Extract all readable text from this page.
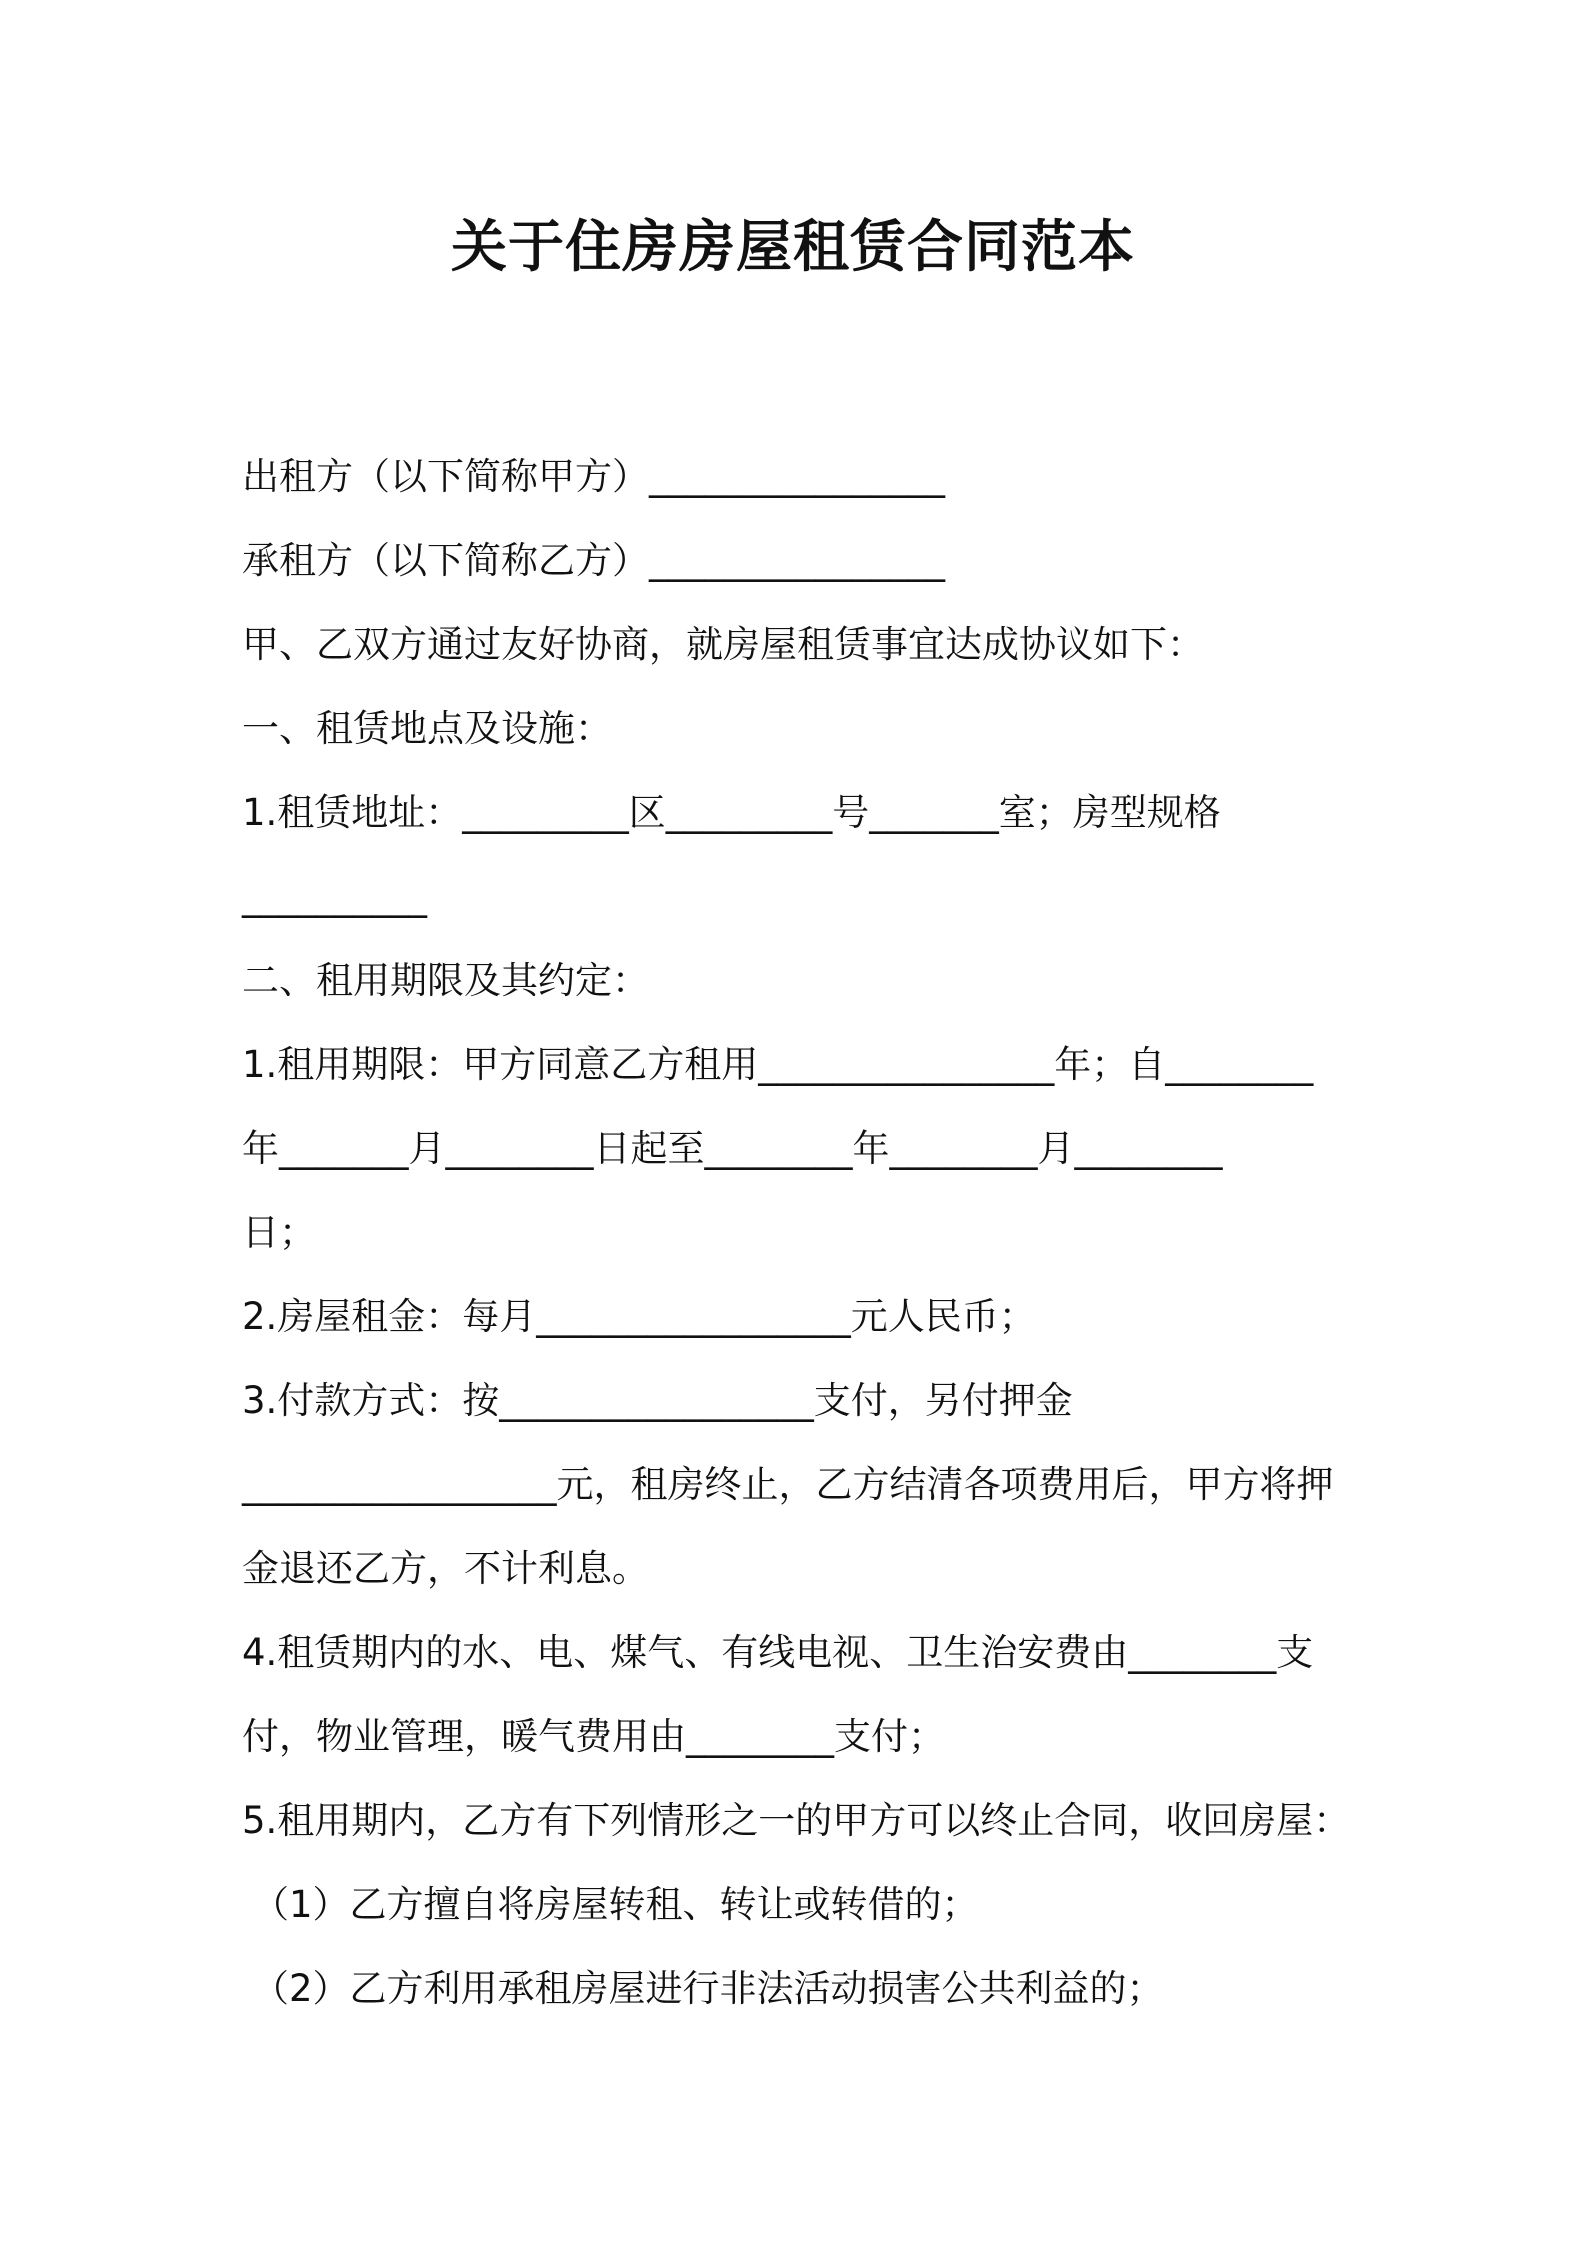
关于住房房屋租赁合同范本
出租方（以下简称甲方）________________
承租方（以下简称乙方）________________
甲、乙双方通过友好协商，就房屋租赁事宜达成协议如下：
一、租赁地点及设施：
1.租赁地址：_________区_________号_______室；房型规格
__________
二、租用期限及其约定：
1.租用期限：甲方同意乙方租用________________年；自________
年_______月________日起至________年________月________
日；
2.房屋租金：每月_________________元人民币；
3.付款方式：按_________________支付，另付押金
_________________元，租房终止，乙方结清各项费用后，甲方将押
金退还乙方，不计利息。
4.租赁期内的水、电、煤气、有线电视、卫生治安费由________支
付，物业管理，暖气费用由________支付；
5.租用期内，乙方有下列情形之一的甲方可以终止合同，收回房屋：
（1）乙方擅自将房屋转租、转让或转借的；
（2）乙方利用承租房屋进行非法活动损害公共利益的；
